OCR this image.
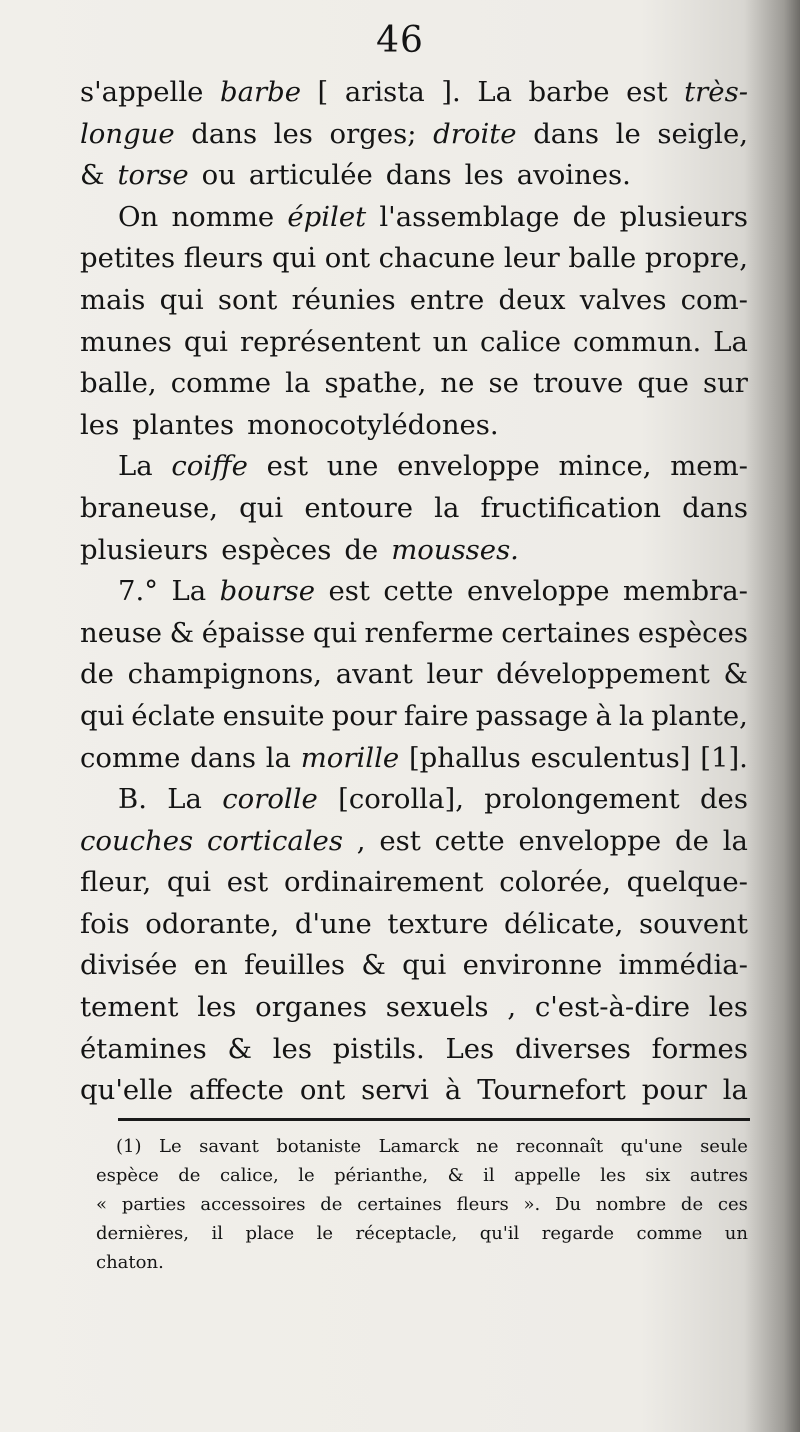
46
s'appelle barbe [ arista ]. La barbe est très-
longue dans les orges; droite dans le seigle,
& torse ou articulée dans les avoines.
On nomme épilet l'assemblage de plusieurs
petites fleurs qui ont chacune leur balle propre,
mais qui sont réunies entre deux valves com-
munes qui représentent un calice commun. La
balle, comme la spathe, ne se trouve que sur
les plantes monocotylédones.
La coiffe est une enveloppe mince, mem-
braneuse, qui entoure la fructification dans
plusieurs espèces de mousses.
7.° La bourse est cette enveloppe membra-
neuse & épaisse qui renferme certaines espèces
de champignons, avant leur développement &
qui éclate ensuite pour faire passage à la plante,
comme dans la morille [phallus esculentus] [1].
B. La corolle [corolla], prolongement des
couches corticales , est cette enveloppe de la
fleur, qui est ordinairement colorée, quelque-
fois odorante, d'une texture délicate, souvent
divisée en feuilles & qui environne immédia-
tement les organes sexuels , c'est-à-dire les
étamines & les pistils. Les diverses formes
qu'elle affecte ont servi à Tournefort pour la
(1) Le savant botaniste Lamarck ne reconnaît qu'une seule
espèce de calice, le périanthe, & il appelle les six autres
« parties accessoires de certaines fleurs ». Du nombre de ces
dernières, il place le réceptacle, qu'il regarde comme un
chaton.
